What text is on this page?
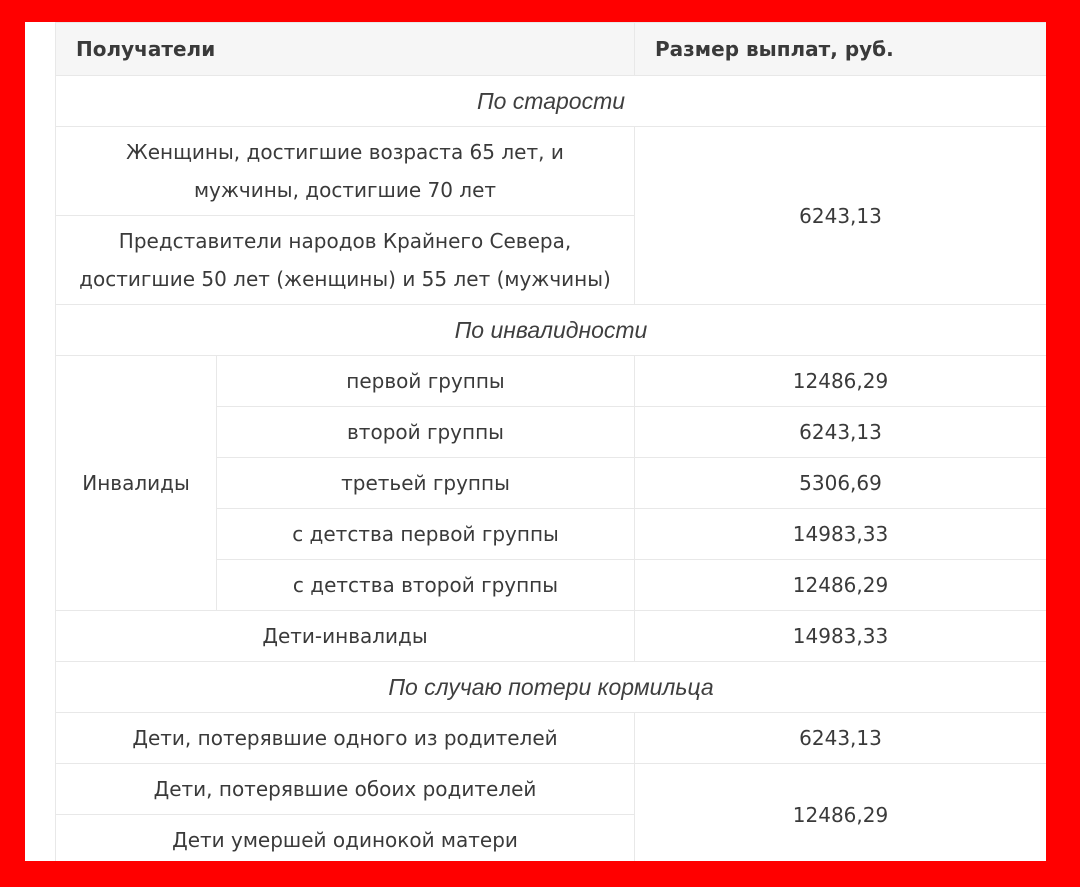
Получатели		Размер выплат, руб.
По старости		
Женщины, достигшие возраста 65 лет, и мужчины, достигшие 70 лет		6243,13
Представители народов Крайнего Севера, достигшие 50 лет (женщины) и 55 лет (мужчины)		
По инвалидности		
Инвалиды	первой группы	12486,29
	второй группы	6243,13
	третьей группы	5306,69
	с детства первой группы	14983,33
	с детства второй группы	12486,29
Дети-инвалиды		14983,33
По случаю потери кормильца		
Дети, потерявшие одного из родителей		6243,13
Дети, потерявшие обоих родителей		12486,29
Дети умершей одинокой матери		
